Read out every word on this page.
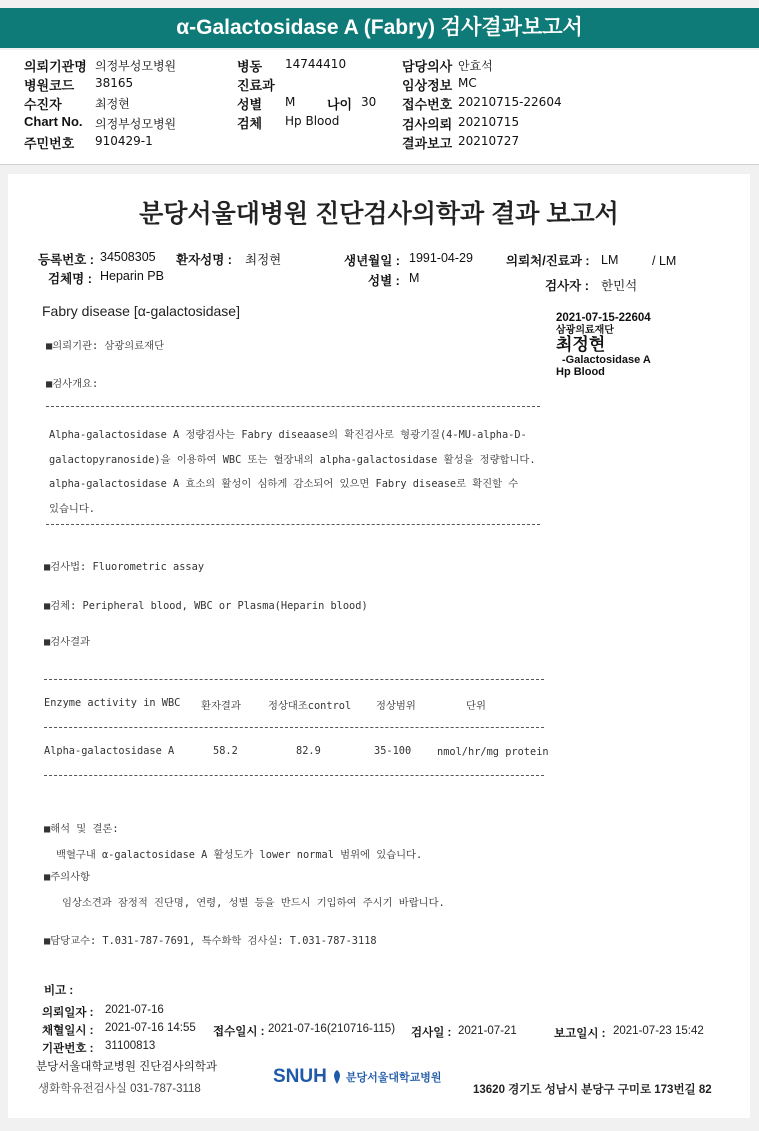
α-Galactosidase A (Fabry) 검사결과보고서
의뢰기관명 의정부성모병원
병원코드 38165
수진자	최정현
Chart No. 의정부성모병원
주민번호 910429-1
병동 14744410
진료과
성별 M 나이 30
검체 Hp Blood
담당의사 안효석
임상정보 MC
접수번호 20210715-22604
검사의뢰 20210715
결과보고 20210727
분당서울대병원 진단검사의학과 결과 보고서
등록번호 : 34508305 환자성명 : 최정현	생년월일 : 1991-04-29	의뢰처/진료과 : LM	/ LM
검체명 : Heparin PB	성별 : M
검사자 : 한민석
Fabry disease [α-galactosidase]	2021-07-15-22604
삼광의료재단
최정현
-Galactosidase A
Hp Blood
■의뢰기관: 삼광의료재단
■검사개요:
Alpha-galactosidase A 정량검사는 Fabry diseaase의 확진검사로 형광기질(4-MU-alpha-D-
galactopyranoside)을 이용하여 WBC 또는 혈장내의 alpha-galactosidase 활성을 정량합니다.
alpha-galactosidase A 효소의 활성이 심하게 감소되어 있으면 Fabry disease로 확진할 수
있습니다.
■검사법: Fluorometric assay
■검체: Peripheral blood, WBC or Plasma(Heparin blood)
■검사결과
Enzyme activity in WBC 환자결과	정상대조control 정상범위	단위
Alpha-galactosidase A	58.2	82.9	35-100	nmol/hr/mg protein
■해석 및 결론:
백혈구내 α-galactosidase A 활성도가 lower normal 범위에 있습니다.
■주의사항
임상소견과 잠정적 진단명, 연령, 성별 등을 반드시 기입하여 주시기 바랍니다.
■담당교수: T.031-787-7691, 특수화학 검사실: T.031-787-3118
비고 :
의뢰일자 : 2021-07-16
채혈일시 : 2021-07-16 14:55 접수일시 : 2021-07-16(210716-115) 검사일 : 2021-07-21	보고일시 : 2021-07-23 15:42
기관번호 : 31100813
분당서울대학교병원 진단검사의학과
생화학유전검사실 031-787-3118
SNUH 분당서울대학교병원
13620 경기도 성남시 분당구 구미로 173번길 82
